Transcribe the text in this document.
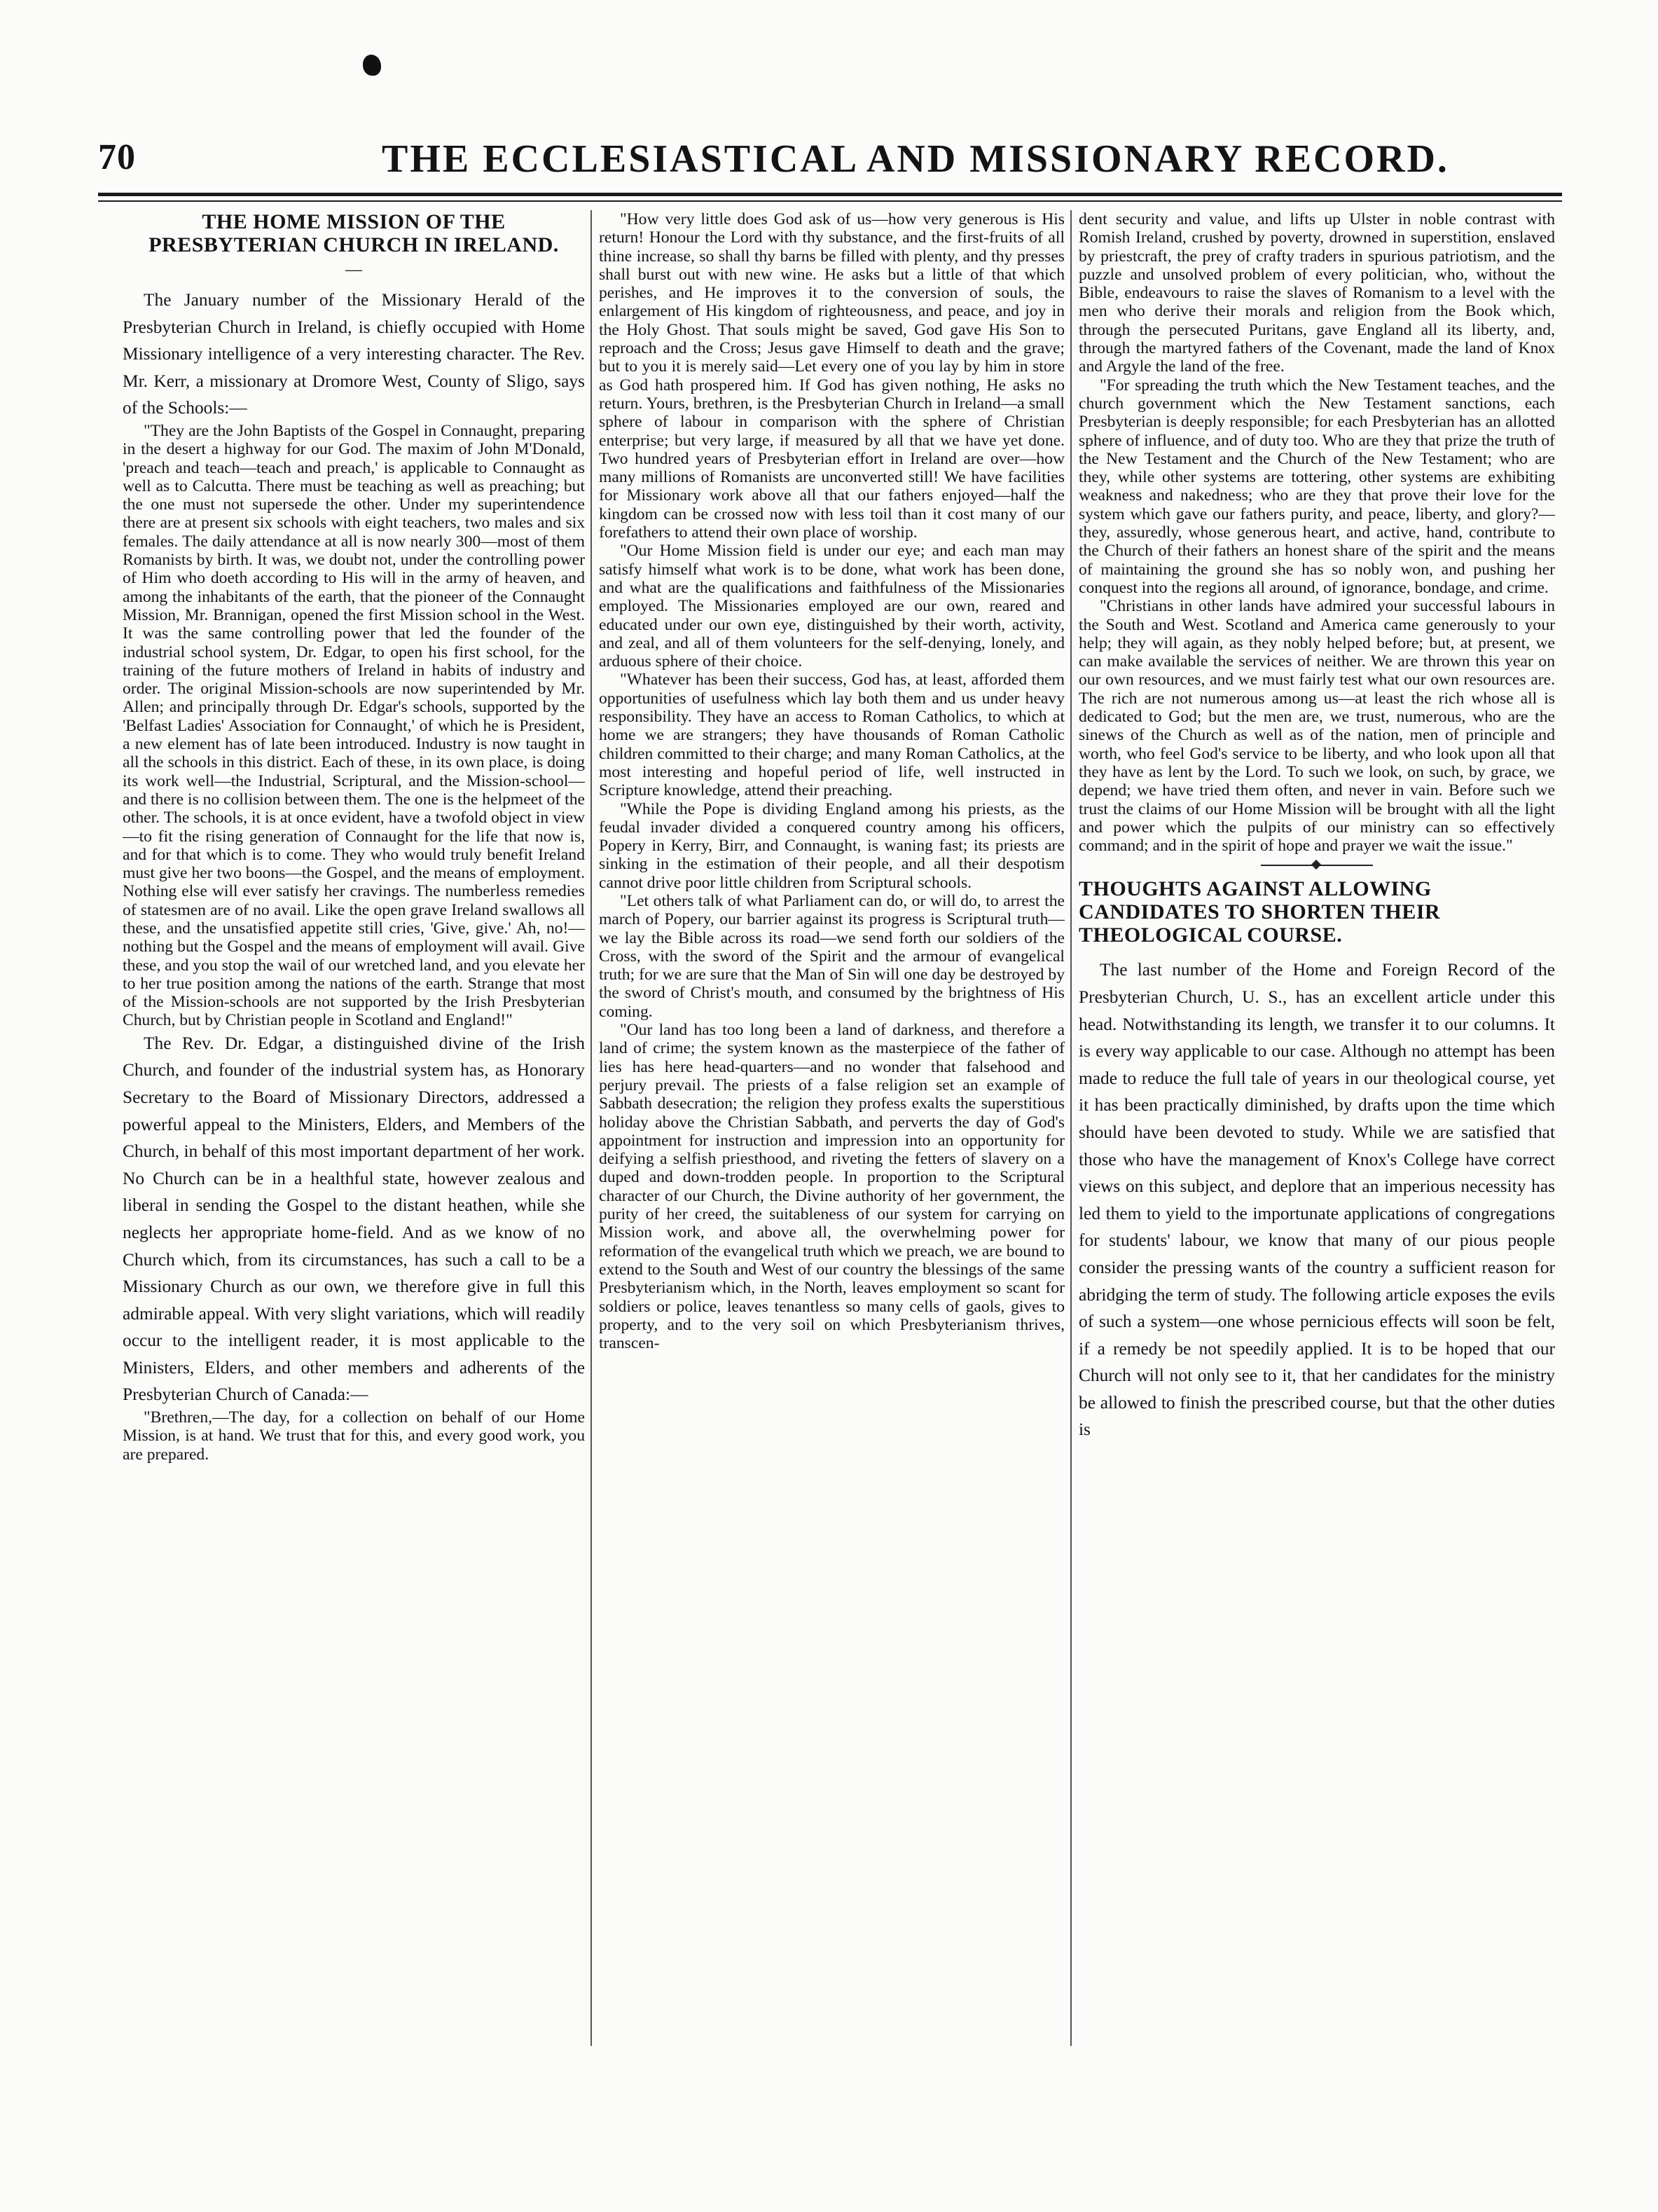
70	THE ECCLESIASTICAL AND MISSIONARY RECORD.

THE HOME MISSION OF THE PRESBYTERIAN CHURCH IN IRELAND.

—

The January number of the Missionary Herald of the Presbyterian Church in Ireland, is chiefly occupied with Home Missionary intelligence of a very interesting character. The Rev. Mr. Kerr, a missionary at Dromore West, County of Sligo, says of the Schools:—

"They are the John Baptists of the Gospel in Connaught, preparing in the desert a highway for our God. The maxim of John M'Donald, 'preach and teach—teach and preach,' is applicable to Connaught as well as to Calcutta. There must be teaching as well as preaching; but the one must not supersede the other. Under my superintendence there are at present six schools with eight teachers, two males and six females. The daily attendance at all is now nearly 300—most of them Romanists by birth. It was, we doubt not, under the controlling power of Him who doeth according to His will in the army of heaven, and among the inhabitants of the earth, that the pioneer of the Connaught Mission, Mr. Brannigan, opened the first Mission school in the West. It was the same controlling power that led the founder of the industrial school system, Dr. Edgar, to open his first school, for the training of the future mothers of Ireland in habits of industry and order. The original Mission-schools are now superintended by Mr. Allen; and principally through Dr. Edgar's schools, supported by the 'Belfast Ladies' Association for Connaught,' of which he is President, a new element has of late been introduced. Industry is now taught in all the schools in this district. Each of these, in its own place, is doing its work well—the Industrial, Scriptural, and the Mission-school—and there is no collision between them. The one is the helpmeet of the other. The schools, it is at once evident, have a twofold object in view—to fit the rising generation of Connaught for the life that now is, and for that which is to come. They who would truly benefit Ireland must give her two boons—the Gospel, and the means of employment. Nothing else will ever satisfy her cravings. The numberless remedies of statesmen are of no avail. Like the open grave Ireland swallows all these, and the unsatisfied appetite still cries, 'Give, give.' Ah, no!—nothing but the Gospel and the means of employment will avail. Give these, and you stop the wail of our wretched land, and you elevate her to her true position among the nations of the earth. Strange that most of the Mission-schools are not supported by the Irish Presbyterian Church, but by Christian people in Scotland and England!"

The Rev. Dr. Edgar, a distinguished divine of the Irish Church, and founder of the industrial system has, as Honorary Secretary to the Board of Missionary Directors, addressed a powerful appeal to the Ministers, Elders, and Members of the Church, in behalf of this most important department of her work. No Church can be in a healthful state, however zealous and liberal in sending the Gospel to the distant heathen, while she neglects her appropriate home-field. And as we know of no Church which, from its circumstances, has such a call to be a Missionary Church as our own, we therefore give in full this admirable appeal. With very slight variations, which will readily occur to the intelligent reader, it is most applicable to the Ministers, Elders, and other members and adherents of the Presbyterian Church of Canada:—

"Brethren,—The day, for a collection on behalf of our Home Mission, is at hand. We trust that for this, and every good work, you are prepared.

"How very little does God ask of us—how very generous is His return! Honour the Lord with thy substance, and the first-fruits of all thine increase, so shall thy barns be filled with plenty, and thy presses shall burst out with new wine. He asks but a little of that which perishes, and He improves it to the conversion of souls, the enlargement of His kingdom of righteousness, and peace, and joy in the Holy Ghost. That souls might be saved, God gave His Son to reproach and the Cross; Jesus gave Himself to death and the grave; but to you it is merely said—Let every one of you lay by him in store as God hath prospered him. If God has given nothing, He asks no return. Yours, brethren, is the Presbyterian Church in Ireland—a small sphere of labour in comparison with the sphere of Christian enterprise; but very large, if measured by all that we have yet done. Two hundred years of Presbyterian effort in Ireland are over—how many millions of Romanists are unconverted still! We have facilities for Missionary work above all that our fathers enjoyed—half the kingdom can be crossed now with less toil than it cost many of our forefathers to attend their own place of worship.

"Our Home Mission field is under our eye; and each man may satisfy himself what work is to be done, what work has been done, and what are the qualifications and faithfulness of the Missionaries employed. The Missionaries employed are our own, reared and educated under our own eye, distinguished by their worth, activity, and zeal, and all of them volunteers for the self-denying, lonely, and arduous sphere of their choice.

"Whatever has been their success, God has, at least, afforded them opportunities of usefulness which lay both them and us under heavy responsibility. They have an access to Roman Catholics, to which at home we are strangers; they have thousands of Roman Catholic children committed to their charge; and many Roman Catholics, at the most interesting and hopeful period of life, well instructed in Scripture knowledge, attend their preaching.

"While the Pope is dividing England among his priests, as the feudal invader divided a conquered country among his officers, Popery in Kerry, Birr, and Connaught, is waning fast; its priests are sinking in the estimation of their people, and all their despotism cannot drive poor little children from Scriptural schools.

"Let others talk of what Parliament can do, or will do, to arrest the march of Popery, our barrier against its progress is Scriptural truth—we lay the Bible across its road—we send forth our soldiers of the Cross, with the sword of the Spirit and the armour of evangelical truth; for we are sure that the Man of Sin will one day be destroyed by the sword of Christ's mouth, and consumed by the brightness of His coming.

"Our land has too long been a land of darkness, and therefore a land of crime; the system known as the masterpiece of the father of lies has here head-quarters—and no wonder that falsehood and perjury prevail. The priests of a false religion set an example of Sabbath desecration; the religion they profess exalts the superstitious holiday above the Christian Sabbath, and perverts the day of God's appointment for instruction and impression into an opportunity for deifying a selfish priesthood, and riveting the fetters of slavery on a duped and down-trodden people. In proportion to the Scriptural character of our Church, the Divine authority of her government, the purity of her creed, the suitableness of our system for carrying on Mission work, and above all, the overwhelming power for reformation of the evangelical truth which we preach, we are bound to extend to the South and West of our country the blessings of the same Presbyterianism which, in the North, leaves employment so scant for soldiers or police, leaves tenantless so many cells of gaols, gives to property, and to the very soil on which Presbyterianism thrives, transcen-

dent security and value, and lifts up Ulster in noble contrast with Romish Ireland, crushed by poverty, drowned in superstition, enslaved by priestcraft, the prey of crafty traders in spurious patriotism, and the puzzle and unsolved problem of every politician, who, without the Bible, endeavours to raise the slaves of Romanism to a level with the men who derive their morals and religion from the Book which, through the persecuted Puritans, gave England all its liberty, and, through the martyred fathers of the Covenant, made the land of Knox and Argyle the land of the free.

"For spreading the truth which the New Testament teaches, and the church government which the New Testament sanctions, each Presbyterian is deeply responsible; for each Presbyterian has an allotted sphere of influence, and of duty too. Who are they that prize the truth of the New Testament and the Church of the New Testament; who are they, while other systems are tottering, other systems are exhibiting weakness and nakedness; who are they that prove their love for the system which gave our fathers purity, and peace, liberty, and glory?—they, assuredly, whose generous heart, and active, hand, contribute to the Church of their fathers an honest share of the spirit and the means of maintaining the ground she has so nobly won, and pushing her conquest into the regions all around, of ignorance, bondage, and crime.

"Christians in other lands have admired your successful labours in the South and West. Scotland and America came generously to your help; they will again, as they nobly helped before; but, at present, we can make available the services of neither. We are thrown this year on our own resources, and we must fairly test what our own resources are. The rich are not numerous among us—at least the rich whose all is dedicated to God; but the men are, we trust, numerous, who are the sinews of the Church as well as of the nation, men of principle and worth, who feel God's service to be liberty, and who look upon all that they have as lent by the Lord. To such we look, on such, by grace, we depend; we have tried them often, and never in vain. Before such we trust the claims of our Home Mission will be brought with all the light and power which the pulpits of our ministry can so effectively command; and in the spirit of hope and prayer we wait the issue."

THOUGHTS AGAINST ALLOWING CANDIDATES TO SHORTEN THEIR THEOLOGICAL COURSE.

The last number of the Home and Foreign Record of the Presbyterian Church, U. S., has an excellent article under this head. Notwithstanding its length, we transfer it to our columns. It is every way applicable to our case. Although no attempt has been made to reduce the full tale of years in our theological course, yet it has been practically diminished, by drafts upon the time which should have been devoted to study. While we are satisfied that those who have the management of Knox's College have correct views on this subject, and deplore that an imperious necessity has led them to yield to the importunate applications of congregations for students' labour, we know that many of our pious people consider the pressing wants of the country a sufficient reason for abridging the term of study. The following article exposes the evils of such a system—one whose pernicious effects will soon be felt, if a remedy be not speedily applied. It is to be hoped that our Church will not only see to it, that her candidates for the ministry be allowed to finish the prescribed course, but that the other duties is
